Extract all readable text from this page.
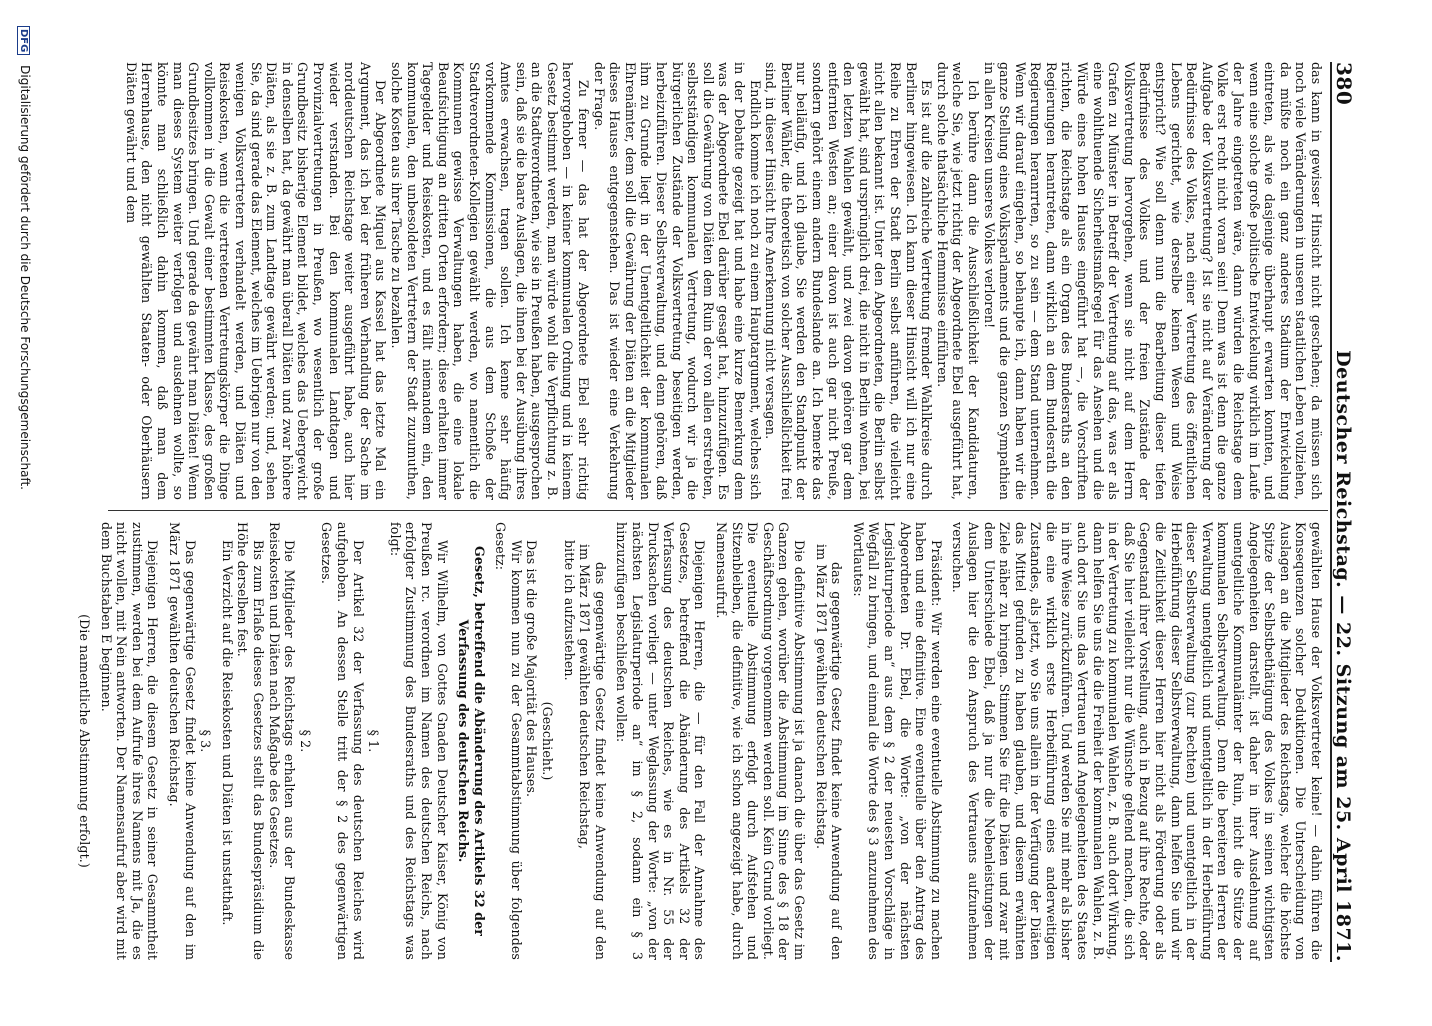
380
Deutscher Reichstag. — 22. Sitzung am 25. April 1871.

das kann in gewisser Hinsicht nicht geschehen; da müssen sich noch viele Veränderungen in unseren staatlichen Leben vollziehen, da müßte noch ein ganz anderes Stadium der Entwickelung eintreten, als wie dasjenige überhaupt erwarten konnten, und wenn eine solche große politische Entwickelung wirklich im Laufe der Jahre eingetreten wäre, dann würden die Reichstage dem Volke erst recht nicht voran sein! Denn was ist denn die ganze Aufgabe der Volksvertretung? Ist sie nicht auf Veränderung der Bedürfnisse des Volkes, nach einer Vertretung des öffentlichen Lebens gerichtet, wie derselbe keinen Wesen und Weise entspricht? Wie soll denn nun die Bearbeitung dieser tiefen Bedürfnisse des Volkes und der freien Zustände der Volksvertretung hervorgehen, wenn sie nicht auf dem Herrn Grafen zu Münster in Betreff der Vertretung auf das, was er als eine wohlthuende Sicherheitsmaßregel für das Ansehen und die Würde eines hohen Hauses eingeführt hat —, die Vorschriften richten, die Reichstage als ein Organ des Bundesraths an den Regierungen herantreten, dann wirklich an dem Bundesrath die Regierungen heranrrten, so zu sein — dem Stand unternehmen. Wenn wir darauf eingehen, so behaupte ich, dann haben wir die ganze Stellung eines Volksparlaments und die ganzen Sympathien in allen Kreisen unseres Volkes verloren!

Ich berühre dann die Ausschließlichkeit der Kandidaturen, welche Sie, wie jetzt richtig der Abgeordnete Ebel ausgeführt hat, durch solche thatsächliche Hemmnisse einführen.

Es ist auf die zahlreiche Vertretung fremder Wahlkreise durch Berliner hingewiesen. Ich kann dieser Hinsicht will ich nur eine Reihe zu Ehren der Stadt Berlin selbst anführen, die vielleicht nicht allen bekannt ist. Unter den Abgeordneten, die Berlin selbst gewählt hat, sind ursprünglich drei, die nicht in Berlin wohnen, bei den letzten Wahlen gewählt, und zwei davon gehören gar dem entfernten Westen an; einer davon ist auch gar nicht Preuße, sondern gehört einem andern Bundeslande an. Ich bemerke das nur beiläufig, und ich glaube, Sie werden den Standpunkt der Berliner Wähler, die theoretisch von solcher Ausschließlichkeit frei sind, in dieser Hinsicht Ihre Anerkennung nicht versagen.

Endlich komme ich noch zu einem Hauptargument, welches sich in der Debatte gezeigt hat und habe eine kurze Bemerkung dem was der Abgeordnete Ebel darüber gesagt hat, hinzuzufügen. Es soll die Gewährung von Diäten dem Ruin der von allen erstrebten, selbstständigen kommunalen Vertretung, wodurch wir ja die bürgerlichen Zustände der Volksvertretung beseitigen werden, herbeizuführen. Dieser Selbstverwaltung, und denn gehören, daß ihm zu Grunde liegt in der Unentgeltlichkeit der kommunalen Ehrenämter, dem soll die Gewährung der Diäten an die Mitglieder dieses Hauses entgegenstehen. Das ist wieder eine Verkehrung der Frage.

Zu ferner — das hat der Abgeordnete Ebel sehr richtig hervorgehoben — in keiner kommunalen Ordnung und in keinem Gesetz bestimmt werden, man würde wohl die Verpflichtung z. B. an die Stadtverordneten, wie sie in Preußen haben, ausgesprochen sein, daß sie die baare Auslagen, die ihnen bei der Ausübung ihres Amtes erwachsen, tragen sollen. Ich kenne sehr häufig vorkommende Kommissionen, die aus dem Schoße der Stadtverordneten-Kollegien gewählt werden, wo namentlich die Kommunen gewisse Verwaltungen haben, die eine lokale Beaufsichtigung an dritten Orten erfordern; diese erhalten immer Tagegelder und Reisekosten, und es fällt niemandem ein, den kommunalen, den unbesoldeten Vertretern der Stadt zuzumuthen, solche Kosten aus ihrer Tasche zu bezahlen.

Der Abgeordnete Miquel aus Kassel hat das letzte Mal ein Argument, das ich bei der früheren Verhandlung der Sache im norddeutschen Reichstage weiter ausgeführt habe, auch hier wieder verstanden. Bei den kommunalen Landtagen und Provinzialvertretungen in Preußen, wo wesentlich der große Grundbesitz bisherige Element bildet, welches das Uebergewicht in denselben hat, da gewährt man überall Diäten und zwar höhere Diäten, als sie z. B. zum Landtage gewährt werden; und, sehen Sie, da sind gerade das Element, welches im Uebrigen nur von den wenigen Volksvertretern verhandelt werden, und Diäten und Reisekosten, wenn die vertretenen Vertretungskörper die Dinge vollkommen in die Gewalt einer bestimmten Klasse, des großen Grundbesitzes bringen. Und gerade da gewährt man Diäten! Wenn man dieses System weiter verfolgen und ausdehnen wollte, so könnte man schließlich dahin kommen, daß man dem Herrenhause, den nicht gewählten Staaten- oder Oberhäusern Diäten gewährt und dem

gewählten Hause der Volksvertreter keine! — dahin führen die Konsequenzen solcher Deduktionen. Die Unterscheidung von Auslagen an die Mitglieder des Reichstags, welcher die höchste Spitze der Selbstbethätigung des Volkes in seinen wichtigsten Angelegenheiten darstellt, ist daher in ihrer Ausdehnung auf unentgeltliche Kommunalämter der Ruin, nicht die Stütze der kommunalen Selbstverwaltung. Denn die bereiteren Herren der Verwaltung unentgeltlich und unentgeltlich in der Herbeiführung dieser Selbstverwaltung (zur Rechten) und unentgeltlich in der Herbeiführung dieser Selbstverwaltung, dann helfen Sie und wir die Zeitlichkeit dieser Herren hier nicht als Förderung oder als Gegenstand ihrer Vorstellung, auch in Bezug auf ihre Rechte, oder daß Sie hier vielleicht nur die Wünsche geltend machen, die sich in der Vertretung zu kommunalen Wahlen, z. B. auch dort Wirkung, dann helfen Sie uns die die Freiheit der kommunalen Wahlen, z. B. auch dort Sie uns das Vertrauen und Angelegenheiten des Staates in ihre Weise zurückzuführen. Und werden Sie mit mehr als bisher die eine wirklich erste Herbeiführung eines anderweitigen Zustandes, als jetzt, wo Sie uns allein in der Verfügung der Diäten das Mittel gefunden zu haben glauben, und diesem erwähnten Ziele näher zu bringen. Stimmen Sie für die Diäten und zwar mit dem Unterschiede Ebel, daß ja nur die Nebenleistungen der Auslagen hier die den Anspruch des Vertrauens aufzunehmen versuchen.

Präsident: Wir werden eine eventuelle Abstimmung zu machen haben und eine definitive. Eine eventuelle über den Antrag des Abgeordneten Dr. Ebel, die Worte: „von der nächsten Legislaturperiode an“ aus dem § 2 der neuesten Vorschläge in Wegfall zu bringen, und einmal die Worte des § 3 anzunehmen des Wortlautes:

das gegenwärtige Gesetz findet keine Anwendung auf den im März 1871 gewählten deutschen Reichstag.

Die definitive Abstimmung ist ja danach die über das Gesetz im Ganzen gehen, worüber die Abstimmung im Sinne des § 18 der Geschäftsordnung vorgenommen werden soll. Kein Grund vorliegt. Die eventuelle Abstimmung erfolgt durch Aufstehen und Sitzenbleiben, die definitive, wie ich schon angezeigt habe, durch Namensaufruf.

Diejenigen Herren, die — für den Fall der Annahme des Gesetzes, betreffend die Abänderung des Artikels 32 der Verfassung des deutschen Reiches, wie es in Nr. 55 der Drucksachen vorliegt — unter Weglassung der Worte: „von der nächsten Legislaturperiode an“ im § 2, sodann ein § 3 hinzuzufügen beschließen wollen:

das gegenwärtige Gesetz findet keine Anwendung auf den im März 1871 gewählten deutschen Reichstag,

bitte ich aufzustehen.

(Geschieht.)

Das ist die große Majorität des Hauses.

Wir kommen nun zu der Gesammtabstimmung über folgendes Gesetz:

Gesetz, betreffend die Abänderung des Artikels 32 der Verfassung des deutschen Reichs.

Wir Wilhelm, von Gottes Gnaden Deutscher Kaiser, König von Preußen rc. verordnen im Namen des deutschen Reichs, nach erfolgter Zustimmung des Bundesraths und des Reichstags was folgt:

§ 1.

Der Artikel 32 der Verfassung des deutschen Reiches wird aufgehoben. An dessen Stelle tritt der § 2 des gegenwärtigen Gesetzes.

§ 2.

Die Mitglieder des Reichstags erhalten aus der Bundeskasse Reisekosten und Diäten nach Maßgabe des Gesetzes.

Bis zum Erlaße dieses Gesetzes stellt das Bundespräsidium die Höhe derselben fest.

Ein Verzicht auf die Reisekosten und Diäten ist unstatthaft.

§ 3.

Das gegenwärtige Gesetz findet keine Anwendung auf den im März 1871 gewählten deutschen Reichstag.

Diejenigen Herren, die diesem Gesetz in seiner Gesammtheit zustimmen, werden bei dem Aufrufe ihres Namens mit Ja, die es nicht wollen, mit Nein antworten. Der Namensaufruf aber wird mit dem Buchstaben E beginnen.

(Die namentliche Abstimmung erfolgt.)

DFG Digitalisierung gefördert durch die Deutsche Forschungsgemeinschaft.
